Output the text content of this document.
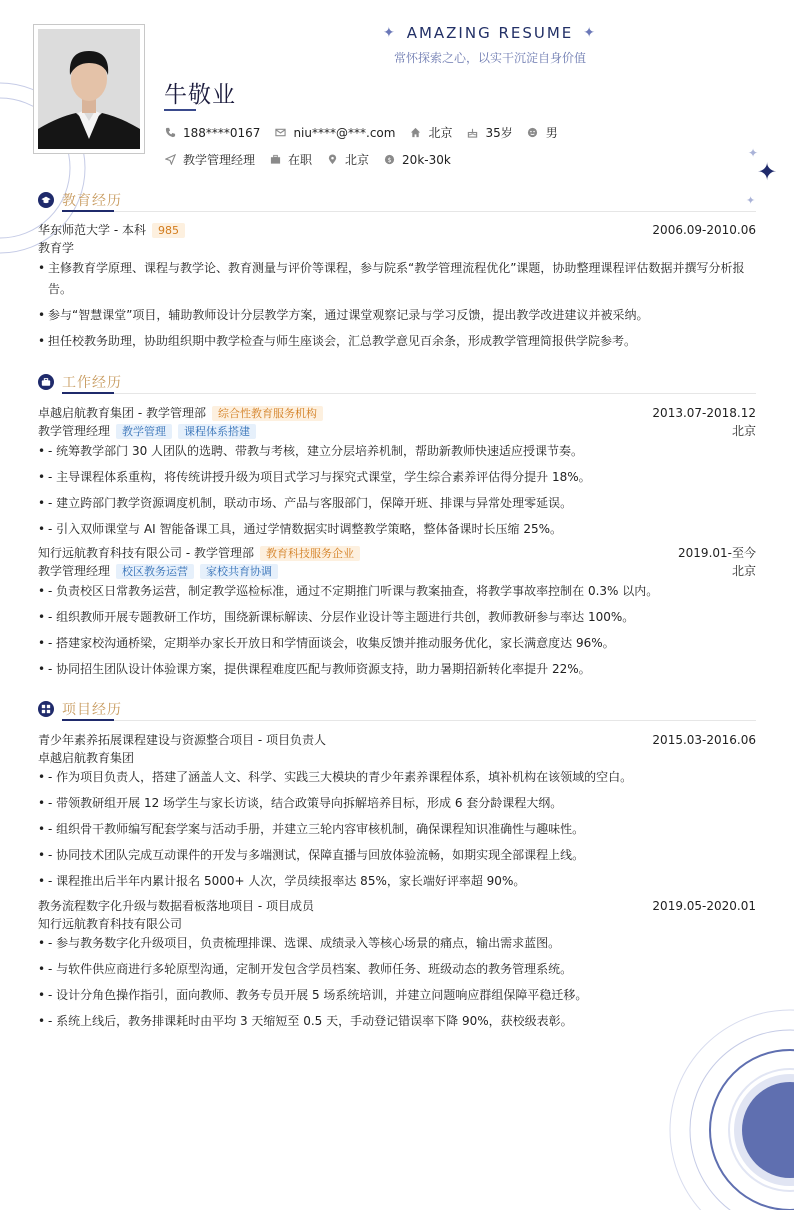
✦
✦
✦
✦ AMAZING RESUME ✦
常怀探索之心，以实干沉淀自身价值
牛敬业
188****0167	niu****@***.com	北京	35岁	男
教学管理经理	在职	北京	$ 20k-30k
教育经历
华东师范大学 - 本科 985	2006.09-2010.06
教育学
• 主修教育学原理、课程与教学论、教育测量与评价等课程，参与院系“教学管理流程优化”课题，协助整理课程评估数据并撰写分析报告。
• 参与“智慧课堂”项目，辅助教师设计分层教学方案，通过课堂观察记录与学习反馈，提出教学改进建议并被采纳。
• 担任校教务助理，协助组织期中教学检查与师生座谈会，汇总教学意见百余条，形成教学管理简报供学院参考。
工作经历
卓越启航教育集团 - 教学管理部 综合性教育服务机构	2013.07-2018.12
教学管理经理 教学管理 课程体系搭建	北京
• - 统筹教学部门 30 人团队的选聘、带教与考核，建立分层培养机制，帮助新教师快速适应授课节奏。
• - 主导课程体系重构，将传统讲授升级为项目式学习与探究式课堂，学生综合素养评估得分提升 18%。
• - 建立跨部门教学资源调度机制，联动市场、产品与客服部门，保障开班、排课与异常处理零延误。
• - 引入双师课堂与 AI 智能备课工具，通过学情数据实时调整教学策略，整体备课时长压缩 25%。
知行远航教育科技有限公司 - 教学管理部 教育科技服务企业	2019.01-至今
教学管理经理 校区教务运营 家校共育协调	北京
• - 负责校区日常教务运营，制定教学巡检标准，通过不定期推门听课与教案抽查，将教学事故率控制在 0.3% 以内。
• - 组织教师开展专题教研工作坊，围绕新课标解读、分层作业设计等主题进行共创，教师教研参与率达 100%。
• - 搭建家校沟通桥梁，定期举办家长开放日和学情面谈会，收集反馈并推动服务优化，家长满意度达 96%。
• - 协同招生团队设计体验课方案，提供课程难度匹配与教师资源支持，助力暑期招新转化率提升 22%。
项目经历
青少年素养拓展课程建设与资源整合项目 - 项目负责人	2015.03-2016.06
卓越启航教育集团
• - 作为项目负责人，搭建了涵盖人文、科学、实践三大模块的青少年素养课程体系，填补机构在该领域的空白。
• - 带领教研组开展 12 场学生与家长访谈，结合政策导向拆解培养目标，形成 6 套分龄课程大纲。
• - 组织骨干教师编写配套学案与活动手册，并建立三轮内容审核机制，确保课程知识准确性与趣味性。
• - 协同技术团队完成互动课件的开发与多端测试，保障直播与回放体验流畅，如期实现全部课程上线。
• - 课程推出后半年内累计报名 5000+ 人次，学员续报率达 85%，家长端好评率超 90%。
教务流程数字化升级与数据看板落地项目 - 项目成员	2019.05-2020.01
知行远航教育科技有限公司
• - 参与教务数字化升级项目，负责梳理排课、选课、成绩录入等核心场景的痛点，输出需求蓝图。
• - 与软件供应商进行多轮原型沟通，定制开发包含学员档案、教师任务、班级动态的教务管理系统。
• - 设计分角色操作指引，面向教师、教务专员开展 5 场系统培训，并建立问题响应群组保障平稳迁移。
• - 系统上线后，教务排课耗时由平均 3 天缩短至 0.5 天，手动登记错误率下降 90%，获校级表彰。
